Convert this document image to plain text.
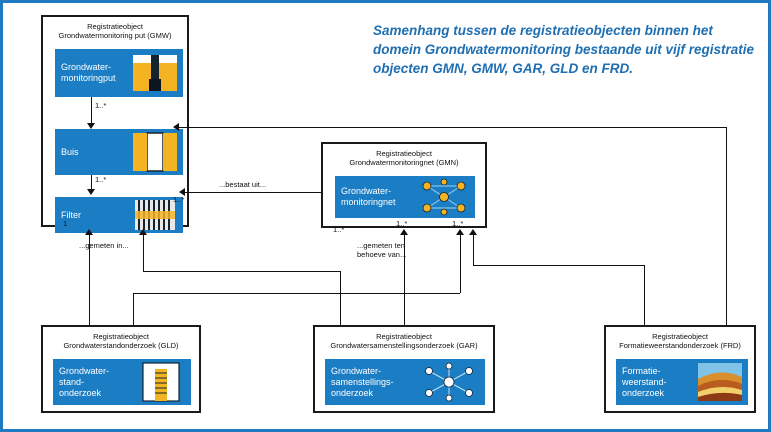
Samenhang tussen de registratieobjecten binnen het domein Grondwatermonitoring bestaande uit vijf registratie objecten GMN, GMW, GAR, GLD en FRD.
Registratieobject
Grondwatermonitoring put (GMW)
Grondwater-
monitoringput
1..*
Buis
1..*
Filter
1
Registratieobject
Grondwatermonitoringnet (GMN)
Grondwater-
monitoringnet
1..*
1..*	1..*
...bestaat uit...
1..*
Registratieobject
Grondwaterstandonderzoek (GLD)
Grondwater-
stand-
onderzoek
...gemeten in...
Registratieobject
Grondwatersamenstellingsonderzoek (GAR)
Grondwater-
samenstellings-
onderzoek
...gemeten ten
behoeve van...
Registratieobject
Formatieweerstandonderzoek (FRD)
Formatie-
weerstand-
onderzoek
